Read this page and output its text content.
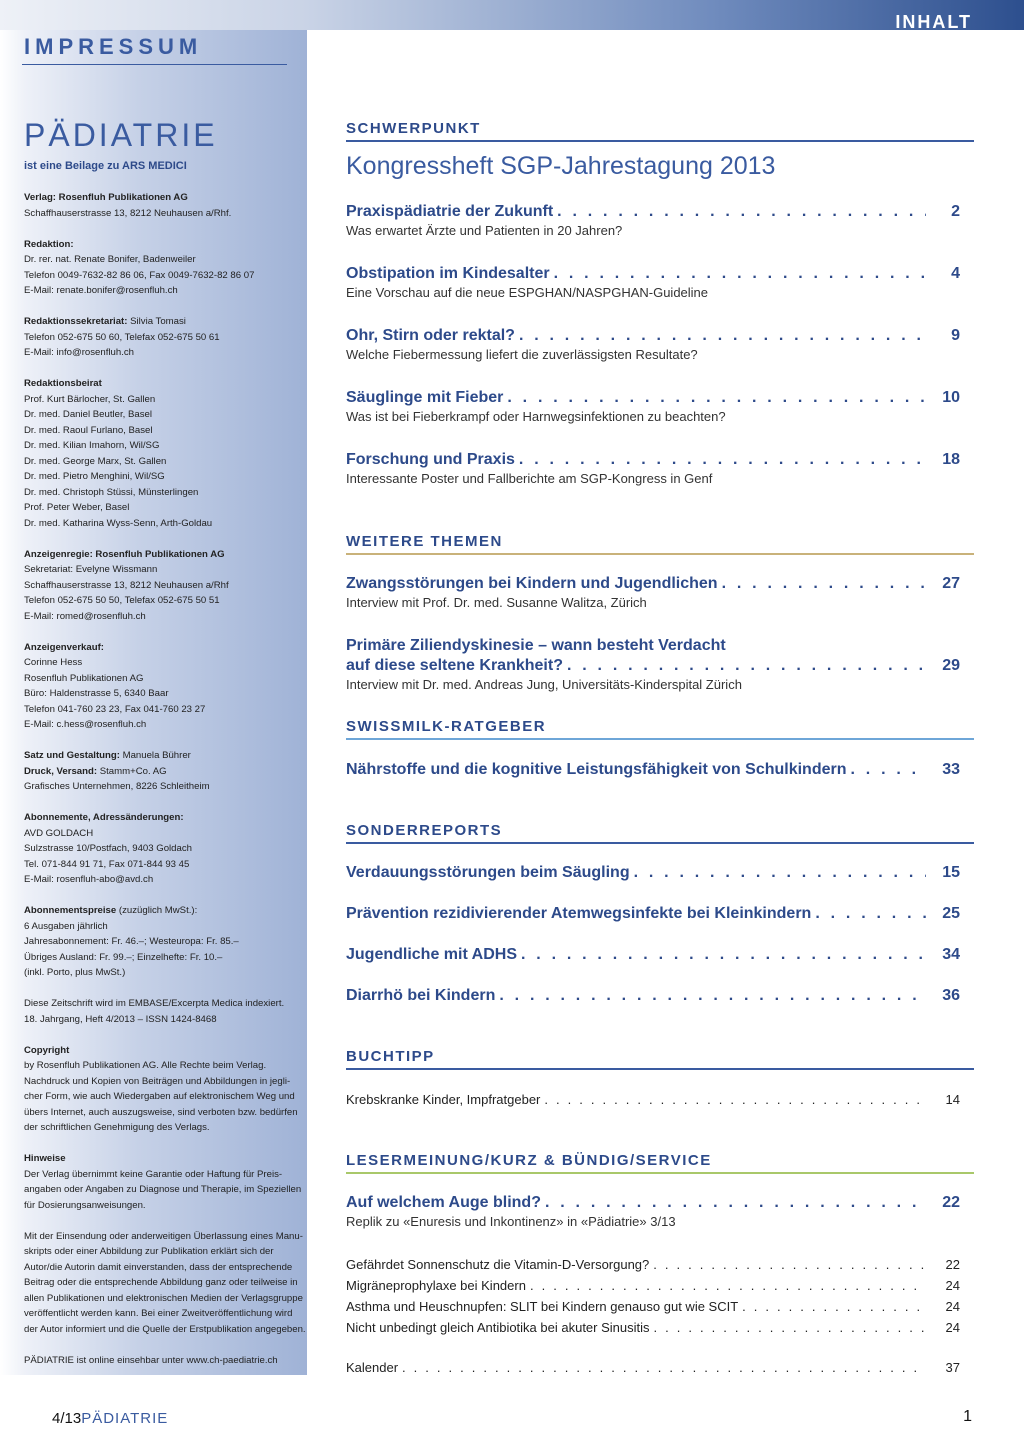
INHALT
IMPRESSUM
PÄDIATRIE
ist eine Beilage zu ARS MEDICI
Verlag: Rosenfluh Publikationen AG
Schaffhauserstrasse 13, 8212 Neuhausen a/Rhf.
Redaktion:
Dr. rer. nat. Renate Bonifer, Badenweiler
Telefon 0049-7632-82 86 06, Fax 0049-7632-82 86 07
E-Mail: renate.bonifer@rosenfluh.ch
Redaktionssekretariat: Silvia Tomasi
Telefon 052-675 50 60, Telefax 052-675 50 61
E-Mail: info@rosenfluh.ch
Redaktionsbeirat
Prof. Kurt Bärlocher, St. Gallen
Dr. med. Daniel Beutler, Basel
Dr. med. Raoul Furlano, Basel
Dr. med. Kilian Imahorn, Wil/SG
Dr. med. George Marx, St. Gallen
Dr. med. Pietro Menghini, Wil/SG
Dr. med. Christoph Stüssi, Münsterlingen
Prof. Peter Weber, Basel
Dr. med. Katharina Wyss-Senn, Arth-Goldau
Anzeigenregie: Rosenfluh Publikationen AG
Sekretariat: Evelyne Wissmann
Schaffhauserstrasse 13, 8212 Neuhausen a/Rhf
Telefon 052-675 50 50, Telefax 052-675 50 51
E-Mail: romed@rosenfluh.ch
Anzeigenverkauf:
Corinne Hess
Rosenfluh Publikationen AG
Büro: Haldenstrasse 5, 6340 Baar
Telefon 041-760 23 23, Fax 041-760 23 27
E-Mail: c.hess@rosenfluh.ch
Satz und Gestaltung: Manuela Bührer
Druck, Versand: Stamm+Co. AG
Grafisches Unternehmen, 8226 Schleitheim
Abonnemente, Adressänderungen:
AVD GOLDACH
Sulzstrasse 10/Postfach, 9403 Goldach
Tel. 071-844 91 71, Fax 071-844 93 45
E-Mail: rosenfluh-abo@avd.ch
Abonnementspreise (zuzüglich MwSt.):
6 Ausgaben jährlich
Jahresabonnement: Fr. 46.–; Westeuropa: Fr. 85.–
Übriges Ausland: Fr. 99.–; Einzelhefte: Fr. 10.–
(inkl. Porto, plus MwSt.)
Diese Zeitschrift wird im EMBASE/Excerpta Medica indexiert.
18. Jahrgang, Heft 4/2013 – ISSN 1424-8468
Copyright
by Rosenfluh Publikationen AG. Alle Rechte beim Verlag.
Nachdruck und Kopien von Beiträgen und Abbildungen in jegli-
cher Form, wie auch Wiedergaben auf elektronischem Weg und
übers Internet, auch auszugsweise, sind verboten bzw. bedürfen
der schriftlichen Genehmigung des Verlags.
Hinweise
Der Verlag übernimmt keine Garantie oder Haftung für Preis-
angaben oder Angaben zu Diagnose und Therapie, im Speziellen
für Dosierungsanweisungen.
Mit der Einsendung oder anderweitigen Überlassung eines Manu-
skripts oder einer Abbildung zur Publikation erklärt sich der
Autor/die Autorin damit einverstanden, dass der entsprechende
Beitrag oder die entsprechende Abbildung ganz oder teilweise in
allen Publikationen und elektronischen Medien der Verlagsgruppe
veröffentlicht werden kann. Bei einer Zweitveröffentlichung wird
der Autor informiert und die Quelle der Erstpublikation angegeben.
PÄDIATRIE ist online einsehbar unter www.ch-paediatrie.ch
SCHWERPUNKT
Kongressheft SGP-Jahrestagung 2013
Praxispädiatrie der Zukunft . . .	2
Was erwartet Ärzte und Patienten in 20 Jahren?
Obstipation im Kindesalter . . .	4
Eine Vorschau auf die neue ESPGHAN/NASPGHAN-Guideline
Ohr, Stirn oder rektal? . . .	9
Welche Fiebermessung liefert die zuverlässigsten Resultate?
Säuglinge mit Fieber . . .	10
Was ist bei Fieberkrampf oder Harnwegsinfektionen zu beachten?
Forschung und Praxis . . .	18
Interessante Poster und Fallberichte am SGP-Kongress in Genf
WEITERE THEMEN
Zwangsstörungen bei Kindern und Jugendlichen . . .	27
Interview mit Prof. Dr. med. Susanne Walitza, Zürich
Primäre Ziliendyskinesie – wann besteht Verdacht
auf diese seltene Krankheit? . . .	29
Interview mit Dr. med. Andreas Jung, Universitäts-Kinderspital Zürich
SWISSMILK-RATGEBER
Nährstoffe und die kognitive Leistungsfähigkeit von Schulkindern . . .	33
SONDERREPORTS
Verdauungsstörungen beim Säugling . . .	15
Prävention rezidivierender Atemwegsinfekte bei Kleinkindern . . .	25
Jugendliche mit ADHS . . .	34
Diarrhö bei Kindern . . .	36
BUCHTIPP
Krebskranke Kinder, Impfratgeber . . .	14
LESERMEINUNG/KURZ & BÜNDIG/SERVICE
Auf welchem Auge blind? . . .	22
Replik zu «Enuresis und Inkontinenz» in «Pädiatrie» 3/13
Gefährdet Sonnenschutz die Vitamin-D-Versorgung? . . .	22
Migräneprophylaxe bei Kindern . . .	24
Asthma und Heuschnupfen: SLIT bei Kindern genauso gut wie SCIT . . .	24
Nicht unbedingt gleich Antibiotika bei akuter Sinusitis . . .	24
Kalender . . .	37
4/13PÄDIATRIE	1
